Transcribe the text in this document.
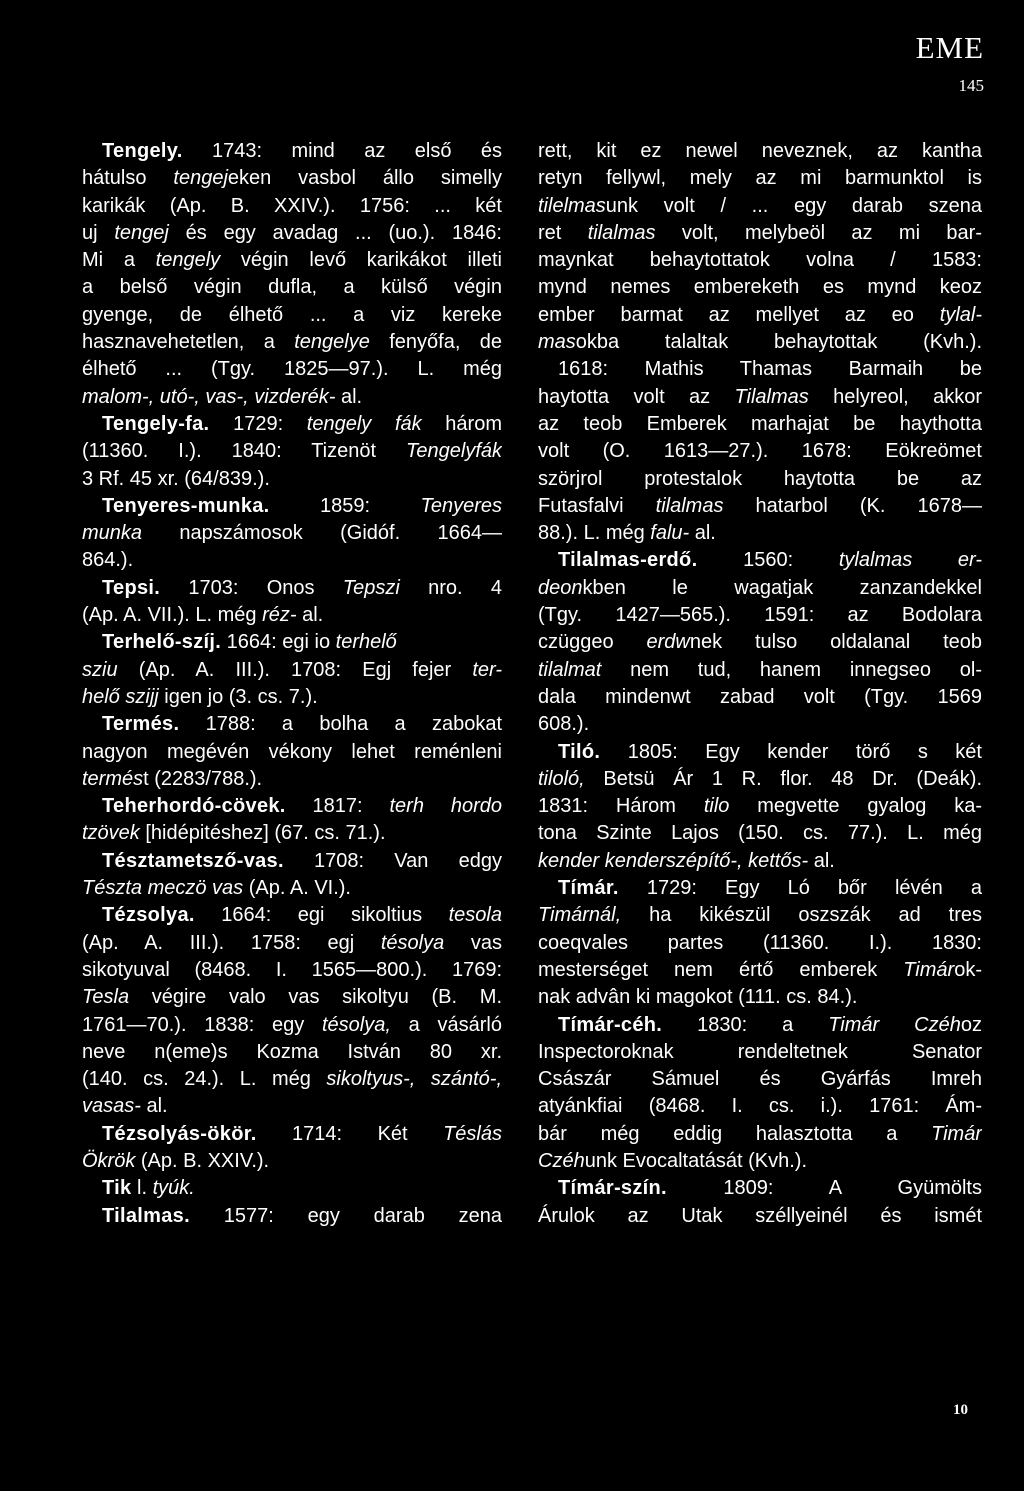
EME
145
Tengely. 1743: mind az első és
hátulso tengejeken vasbol állo simelly
karikák (Ap. B. XXIV.). 1756: ... két
uj tengej és egy avadag ... (uo.). 1846:
Mi a tengely végin levő karikákot illeti
a belső végin dufla, a külső végin
gyenge, de élhető ... a viz kereke
hasznavehetetlen, a tengelye fenyőfa, de
élhető ... (Tgy. 1825—97.). L. még
malom-, utó-, vas-, vizderék- al.
Tengely-fa. 1729: tengely fák három
(11360. I.). 1840: Tizenöt Tengelyfák
3 Rf. 45 xr. (64/839.).
Tenyeres-munka. 1859: Tenyeres
munka napszámosok (Gidóf. 1664—
864.).
Tepsi. 1703: Onos Tepszi nro. 4
(Ap. A. VII.). L. még réz- al.
Terhelő-szíj. 1664: egi io terhelő
sziu (Ap. A. III.). 1708: Egj fejer ter-
helő szijj igen jo (3. cs. 7.).
Termés. 1788: a bolha a zabokat
nagyon megévén vékony lehet reménleni
termést (2283/788.).
Teherhordó-cövek. 1817: terh hordo
tzövek [hidépitéshez] (67. cs. 71.).
Tésztametsző-vas. 1708: Van edgy
Tészta meczö vas (Ap. A. VI.).
Tézsolya. 1664: egi sikoltius tesola
(Ap. A. III.). 1758: egj tésolya vas
sikotyuval (8468. I. 1565—800.). 1769:
Tesla végire valo vas sikoltyu (B. M.
1761—70.). 1838: egy tésolya, a vásárló
neve n(eme)s Kozma István 80 xr.
(140. cs. 24.). L. még sikoltyus-, szántó-,
vasas- al.
Tézsolyás-ökör. 1714: Két Téslás
Ökrök (Ap. B. XXIV.).
Tik l. tyúk.
Tilalmas. 1577: egy darab zena
rett, kit ez newel neveznek, az kantha
retyn fellywl, mely az mi barmunktol is
tilelmasunk volt / ... egy darab szena
ret tilalmas volt, melybeöl az mi bar-
maynkat behaytottatok volna / 1583:
mynd nemes embereketh es mynd keoz
ember barmat az mellyet az eo tylal-
masokba talaltak behaytottak (Kvh.).
1618: Mathis Thamas Barmaih be
haytotta volt az Tilalmas helyreol, akkor
az teob Emberek marhajat be haythotta
volt (O. 1613—27.). 1678: Eökreömet
szörjrol protestalok haytotta be az
Futasfalvi tilalmas hatarbol (K. 1678—
88.). L. még falu- al.
Tilalmas-erdő. 1560: tylalmas er-
deonkben le wagatjak zanzandekkel
(Tgy. 1427—565.). 1591: az Bodolara
czüggeo erdwnek tulso oldalanal teob
tilalmat nem tud, hanem innegseo ol-
dala mindenwt zabad volt (Tgy. 1569
608.).
Tiló. 1805: Egy kender törő s két
tiloló, Betsü Ár 1 R. flor. 48 Dr. (Deák).
1831: Három tilo megvette gyalog ka-
tona Szinte Lajos (150. cs. 77.). L. még
kender kenderszépítő-, kettős- al.
Tímár. 1729: Egy Ló bőr lévén a
Timárnál, ha kikészül oszszák ad tres
coeqvales partes (11360. I.). 1830:
mesterséget nem értő emberek Timárok-
nak advân ki magokot (111. cs. 84.).
Tímár-céh. 1830: a Timár Czéhoz
Inspectoroknak rendeltetnek Senator
Császár Sámuel és Gyárfás Imreh
atyánkfiai (8468. I. cs. i.). 1761: Ám-
bár még eddig halasztotta a Timár
Czéhunk Evocaltatását (Kvh.).
Tímár-szín. 1809: A Gyümölts
Árulok az Utak széllyeinél és ismét
10
